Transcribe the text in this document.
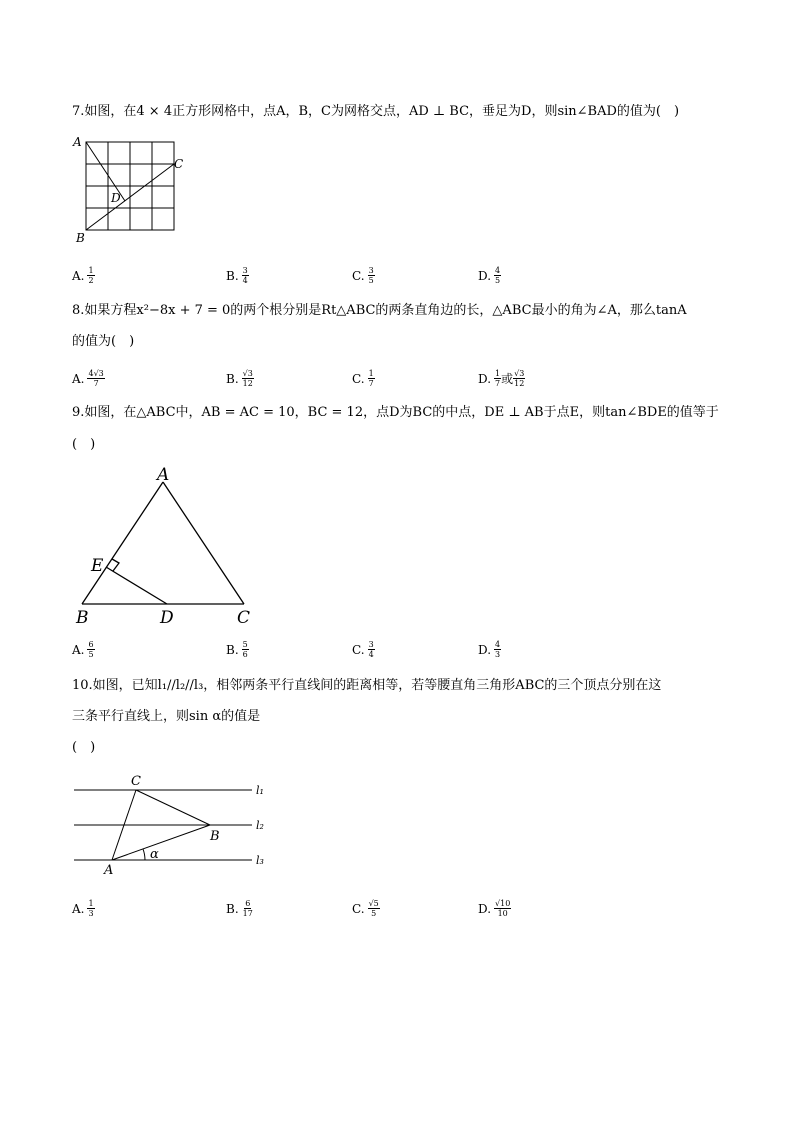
7.如图，在4 × 4正方形网格中，点A，B，C为网格交点，AD ⊥ BC，垂足为D，则sin∠BAD的值为(　)
A
B
C
D
A. $\frac{1}{2}$	B. $\frac{3}{4}$	C. $\frac{3}{5}$	D. $\frac{4}{5}$
8.如果方程x²−8x + 7 = 0的两个根分别是Rt△ABC的两条直角边的长，△ABC最小的角为∠A，那么tanA
的值为(　)
A. $\frac{4√3}{7}$	B. $\frac{√3}{12}$	C. $\frac{1}{7}$	D. $\frac{1}{7}$ 或 $\frac{√3}{12}$
9.如图，在△ABC中，AB = AC = 10，BC = 12，点D为BC的中点，DE ⊥ AB于点E，则tan∠BDE的值等于
(　)
A
E
B	D	C
A. $\frac{6}{5}$	B. $\frac{5}{6}$	C. $\frac{3}{4}$	D. $\frac{4}{3}$
10.如图，已知l₁//l₂//l₃，相邻两条平行直线间的距离相等，若等腰直角三角形ABC的三个顶点分别在这
三条平行直线上，则sin α的值是
(　)
C
B
A
α
l₁
l₂
l₃
A. $\frac{1}{3}$	B. $\frac{6}{17}$	C. $\frac{√5}{5}$	D. $\frac{√10}{10}$
